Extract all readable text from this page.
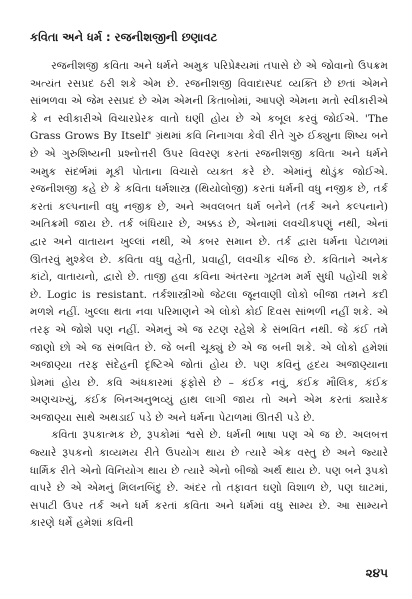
કવિતા અને ધર્મ : રજનીશજીની છણાવટ

રજનીશજી કવિતા અને ધર્મને અમુક પરિપ્રેક્ષ્યમાં તપાસે છે એ જોવાનો ઉપક્રમ અત્યંત રસપ્રદ ઠરી શકે એમ છે. રજનીશજી વિવાદાસ્પદ વ્યક્તિ છે છતાં એમને સાંભળવા એ જેમ રસપ્રદ છે એમ એમની કિતાબોમાં, આપણે એમના મતો સ્વીકારીએ કે ન સ્વીકારીએ વિચારપ્રેરક વાતો ઘણી હોય છે એ કબૂલ કરવું જોઈએ. 'The Grass Grows By Itself' ગ્રંથમાં કવિ નિનાગવા કેવી રીતે ગુરુ ઈક્યુના શિષ્ય બને છે એ ગુરુશિષ્યની પ્રશ્નોત્તરી ઉપર વિવરણ કરતાં રજનીશજી કવિતા અને ધર્મને અમુક સંદર્ભમાં મૂકી પોતાના વિચારો વ્યક્ત કરે છે. એમાંનું થોડુંક જોઈએ. રજનીશજી કહે છે કે કવિતા ધર્મશાસ્ત્ર (થિયોલોજી) કરતાં ધર્મની વધુ નજીક છે, તર્ક કરતાં કલ્પનાની વધુ નજીક છે, અને અવલબત ધર્મ બનેને (તર્ક અને કલ્પનાને) અતિક્રમી જાય છે. તર્ક બંધિયાર છે, અક્કડ છે, એનામાં લવચીકપણું નથી, એનાં દ્વાર અને વાતાયન ખુલ્લાં નથી, એ કબર સમાન છે. તર્ક દ્વારા ધર્મના પેટાળમાં ઊતરવું મુશ્કેલ છે. કવિતા વધુ વહેતી, પ્રવાહી, લવચીક ચીજ છે. કવિતાને અનેક કાંટો, વાતાયનો, દ્વારો છે. તાજી હવા કવિના અંતરના ગૂઢતમ મર્મ સુધી પહોંચી શકે છે. Logic is resistant. તર્કશાસ્ત્રીઓ જેટલા જૂનવાણી લોકો બીજા તમને કદી મળશે નહીં. ખુલ્લા થતા નવા પરિમાણને એ લોકો કોઈ દિવસ સાંભળી નહીં શકે. એ તરફ એ જોશે પણ નહીં. એમનું એ જ રટણ રહેશે કે સંભવિત નથી. જે કંઈ તમે જાણો છો એ જ સંભવિત છે. જે બની ચૂક્યું છે એ જ બની શકે. એ લોકો હમેશાં અજાણ્યા તરફ સંદેહની દૃષ્ટિએ જોતાં હોય છે. પણ કવિનું હૃદય અજાણ્યાના પ્રેમમાં હોય છે. કવિ અંધકારમાં ફંફોસે છે – કંઈક નવું, કંઈક મૌલિક, કંઈક અણચખ્યું, કંઈક બિનઅનુભવ્યું હાથ લાગી જાય તો અને એમ કરતાં ક્યારેક અજાણ્યા સાથે અથડાઈ પડે છે અને ધર્મના પેટાળમાં ઊતરી પડે છે.

કવિતા રૂપકાત્મક છે, રૂપકોમાં શ્વસે છે. ધર્મની ભાષા પણ એ જ છે. અલબત્ત જ્યારે રૂપકનો કાવ્યમય રીતે ઉપયોગ થાય છે ત્યારે એક વસ્તુ છે અને જ્યારે ધાર્મિક રીતે એનો વિનિયોગ થાય છે ત્યારે એનો બીજો અર્થ થાય છે. પણ બને રૂપકો વાપરે છે એ એમનું મિલનબિંદુ છે. અંદર તો તફાવત ઘણો વિશાળ છે, પણ ઘાટમાં, સપાટી ઉપર તર્ક અને ધર્મ કરતાં કવિતા અને ધર્મમાં વધુ સામ્ય છે. આ સામ્યને કારણે ધર્મે હમેશાં કવિની

૨૪૫
